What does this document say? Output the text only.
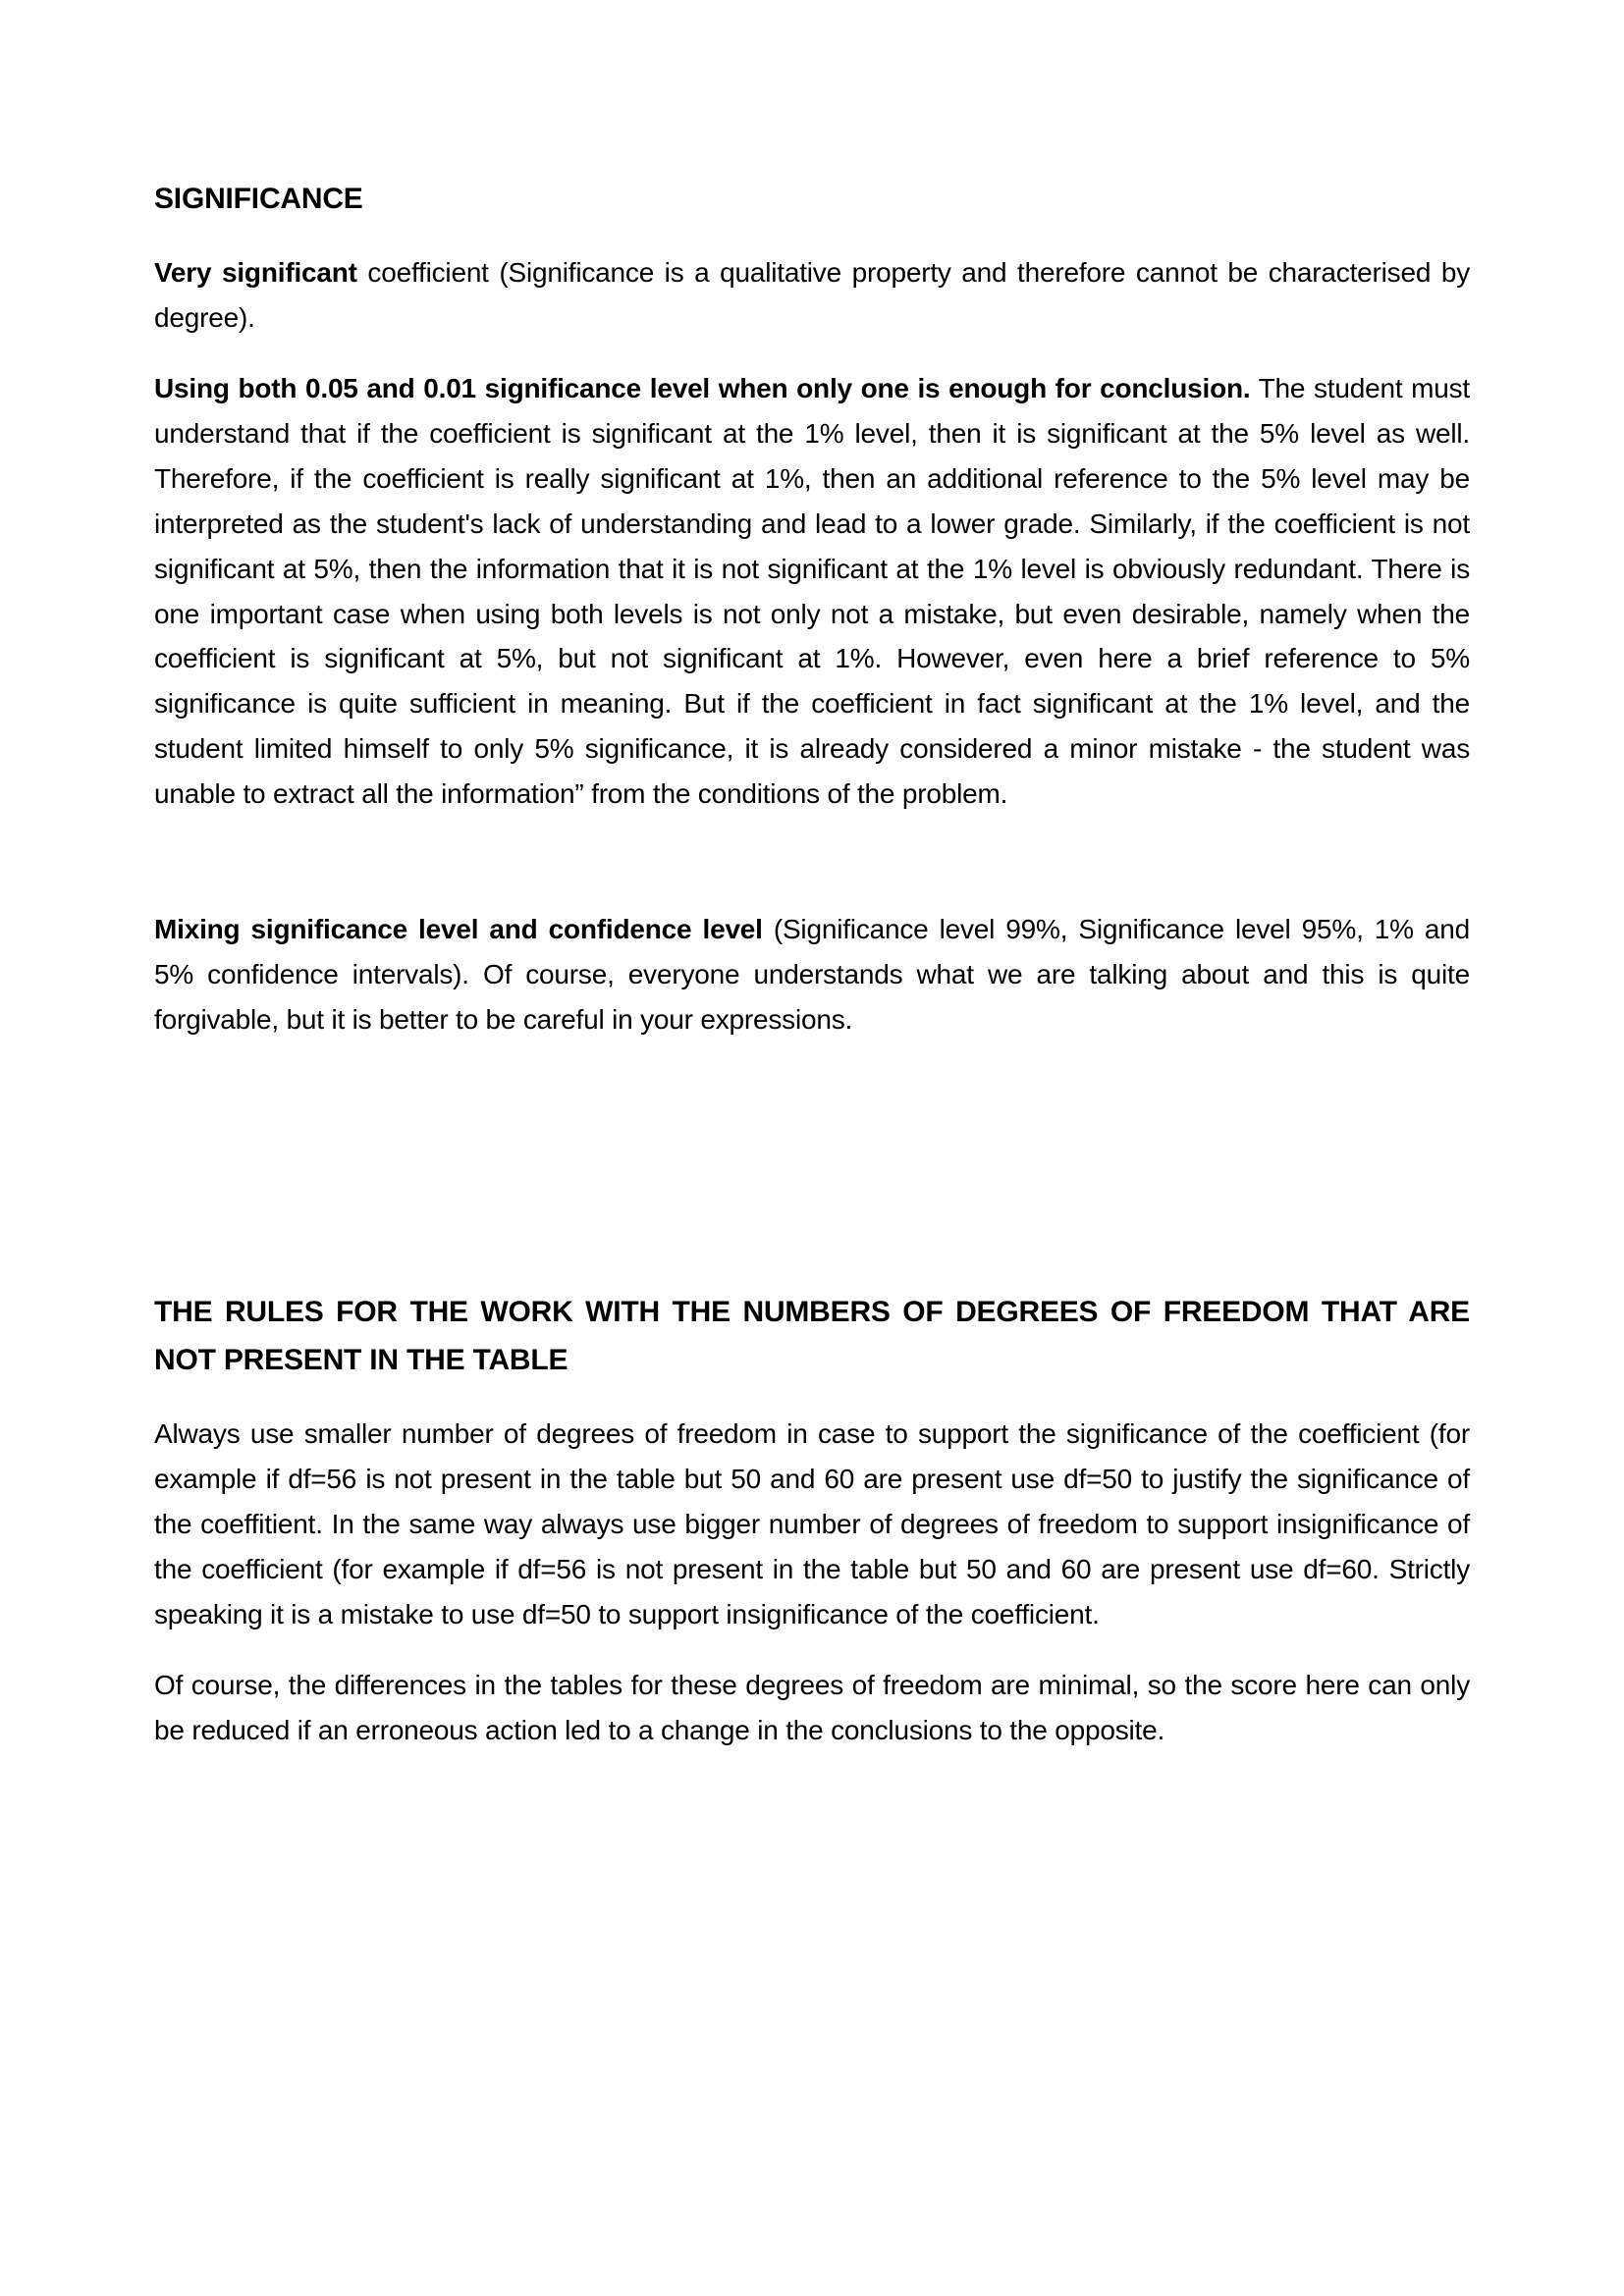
SIGNIFICANCE

Very significant coefficient (Significance is a qualitative property and therefore cannot be characterised by degree).

Using both 0.05 and 0.01 significance level when only one is enough for conclusion. The student must understand that if the coefficient is significant at the 1% level, then it is significant at the 5% level as well. Therefore, if the coefficient is really significant at 1%, then an additional reference to the 5% level may be interpreted as the student's lack of understanding and lead to a lower grade. Similarly, if the coefficient is not significant at 5%, then the information that it is not significant at the 1% level is obviously redundant. There is one important case when using both levels is not only not a mistake, but even desirable, namely when the coefficient is significant at 5%, but not significant at 1%. However, even here a brief reference to 5% significance is quite sufficient in meaning. But if the coefficient in fact significant at the 1% level, and the student limited himself to only 5% significance, it is already considered a minor mistake - the student was unable to extract all the information” from the conditions of the problem.

Mixing significance level and confidence level (Significance level 99%, Significance level 95%, 1% and 5% confidence intervals). Of course, everyone understands what we are talking about and this is quite forgivable, but it is better to be careful in your expressions.

THE RULES FOR THE WORK WITH THE NUMBERS OF DEGREES OF FREEDOM THAT ARE NOT PRESENT IN THE TABLE

Always use smaller number of degrees of freedom in case to support the significance of the coefficient (for example if df=56 is not present in the table but 50 and 60 are present use df=50 to justify the significance of the coeffitient. In the same way always use bigger number of degrees of freedom to support insignificance of the coefficient (for example if df=56 is not present in the table but 50 and 60 are present use df=60. Strictly speaking it is a mistake to use df=50 to support insignificance of the coefficient.

Of course, the differences in the tables for these degrees of freedom are minimal, so the score here can only be reduced if an erroneous action led to a change in the conclusions to the opposite.
